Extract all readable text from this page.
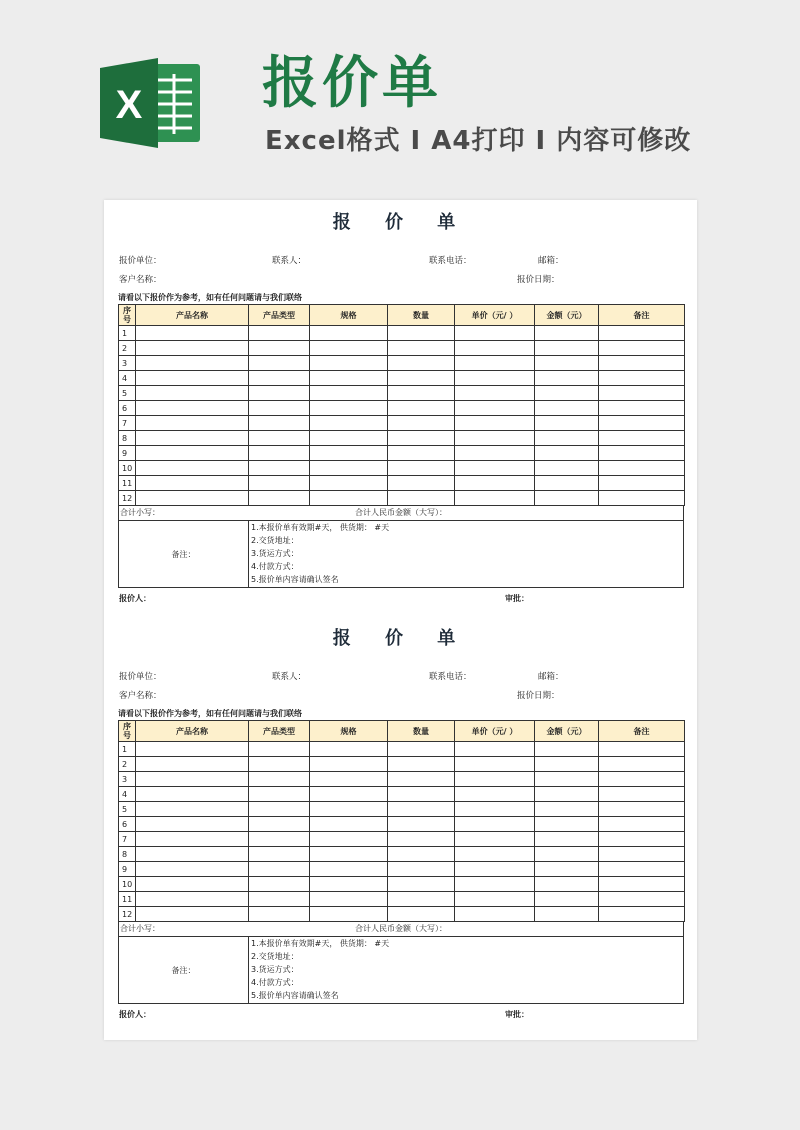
X 报价单
Excel格式 I A4打印 I 内容可修改
报 价 单
报价单位：	联系人：	联系电话：	邮箱：
客户名称：	报价日期：
请看以下报价作为参考，如有任何问题请与我们联络
序号	产品名称	产品类型	规格	数量	单价（元/ ）	金额（元）	备注
1							
2							
3							
4							
5							
6							
7							
8							
9							
10							
11							
12							
合计小写：	合计人民币金额（大写）：
备注：
1.本报价单有效期#天， 供货期： #天
2.交货地址：
3.货运方式：
4.付款方式：
5.报价单内容请确认签名
报价人：	审批：
报 价 单
报价单位：	联系人：	联系电话：	邮箱：
客户名称：	报价日期：
请看以下报价作为参考，如有任何问题请与我们联络
序号	产品名称	产品类型	规格	数量	单价（元/ ）	金额（元）	备注
1							
2							
3							
4							
5							
6							
7							
8							
9							
10							
11							
12							
合计小写：	合计人民币金额（大写）：
备注：
1.本报价单有效期#天， 供货期： #天
2.交货地址：
3.货运方式：
4.付款方式：
5.报价单内容请确认签名
报价人：	审批：
